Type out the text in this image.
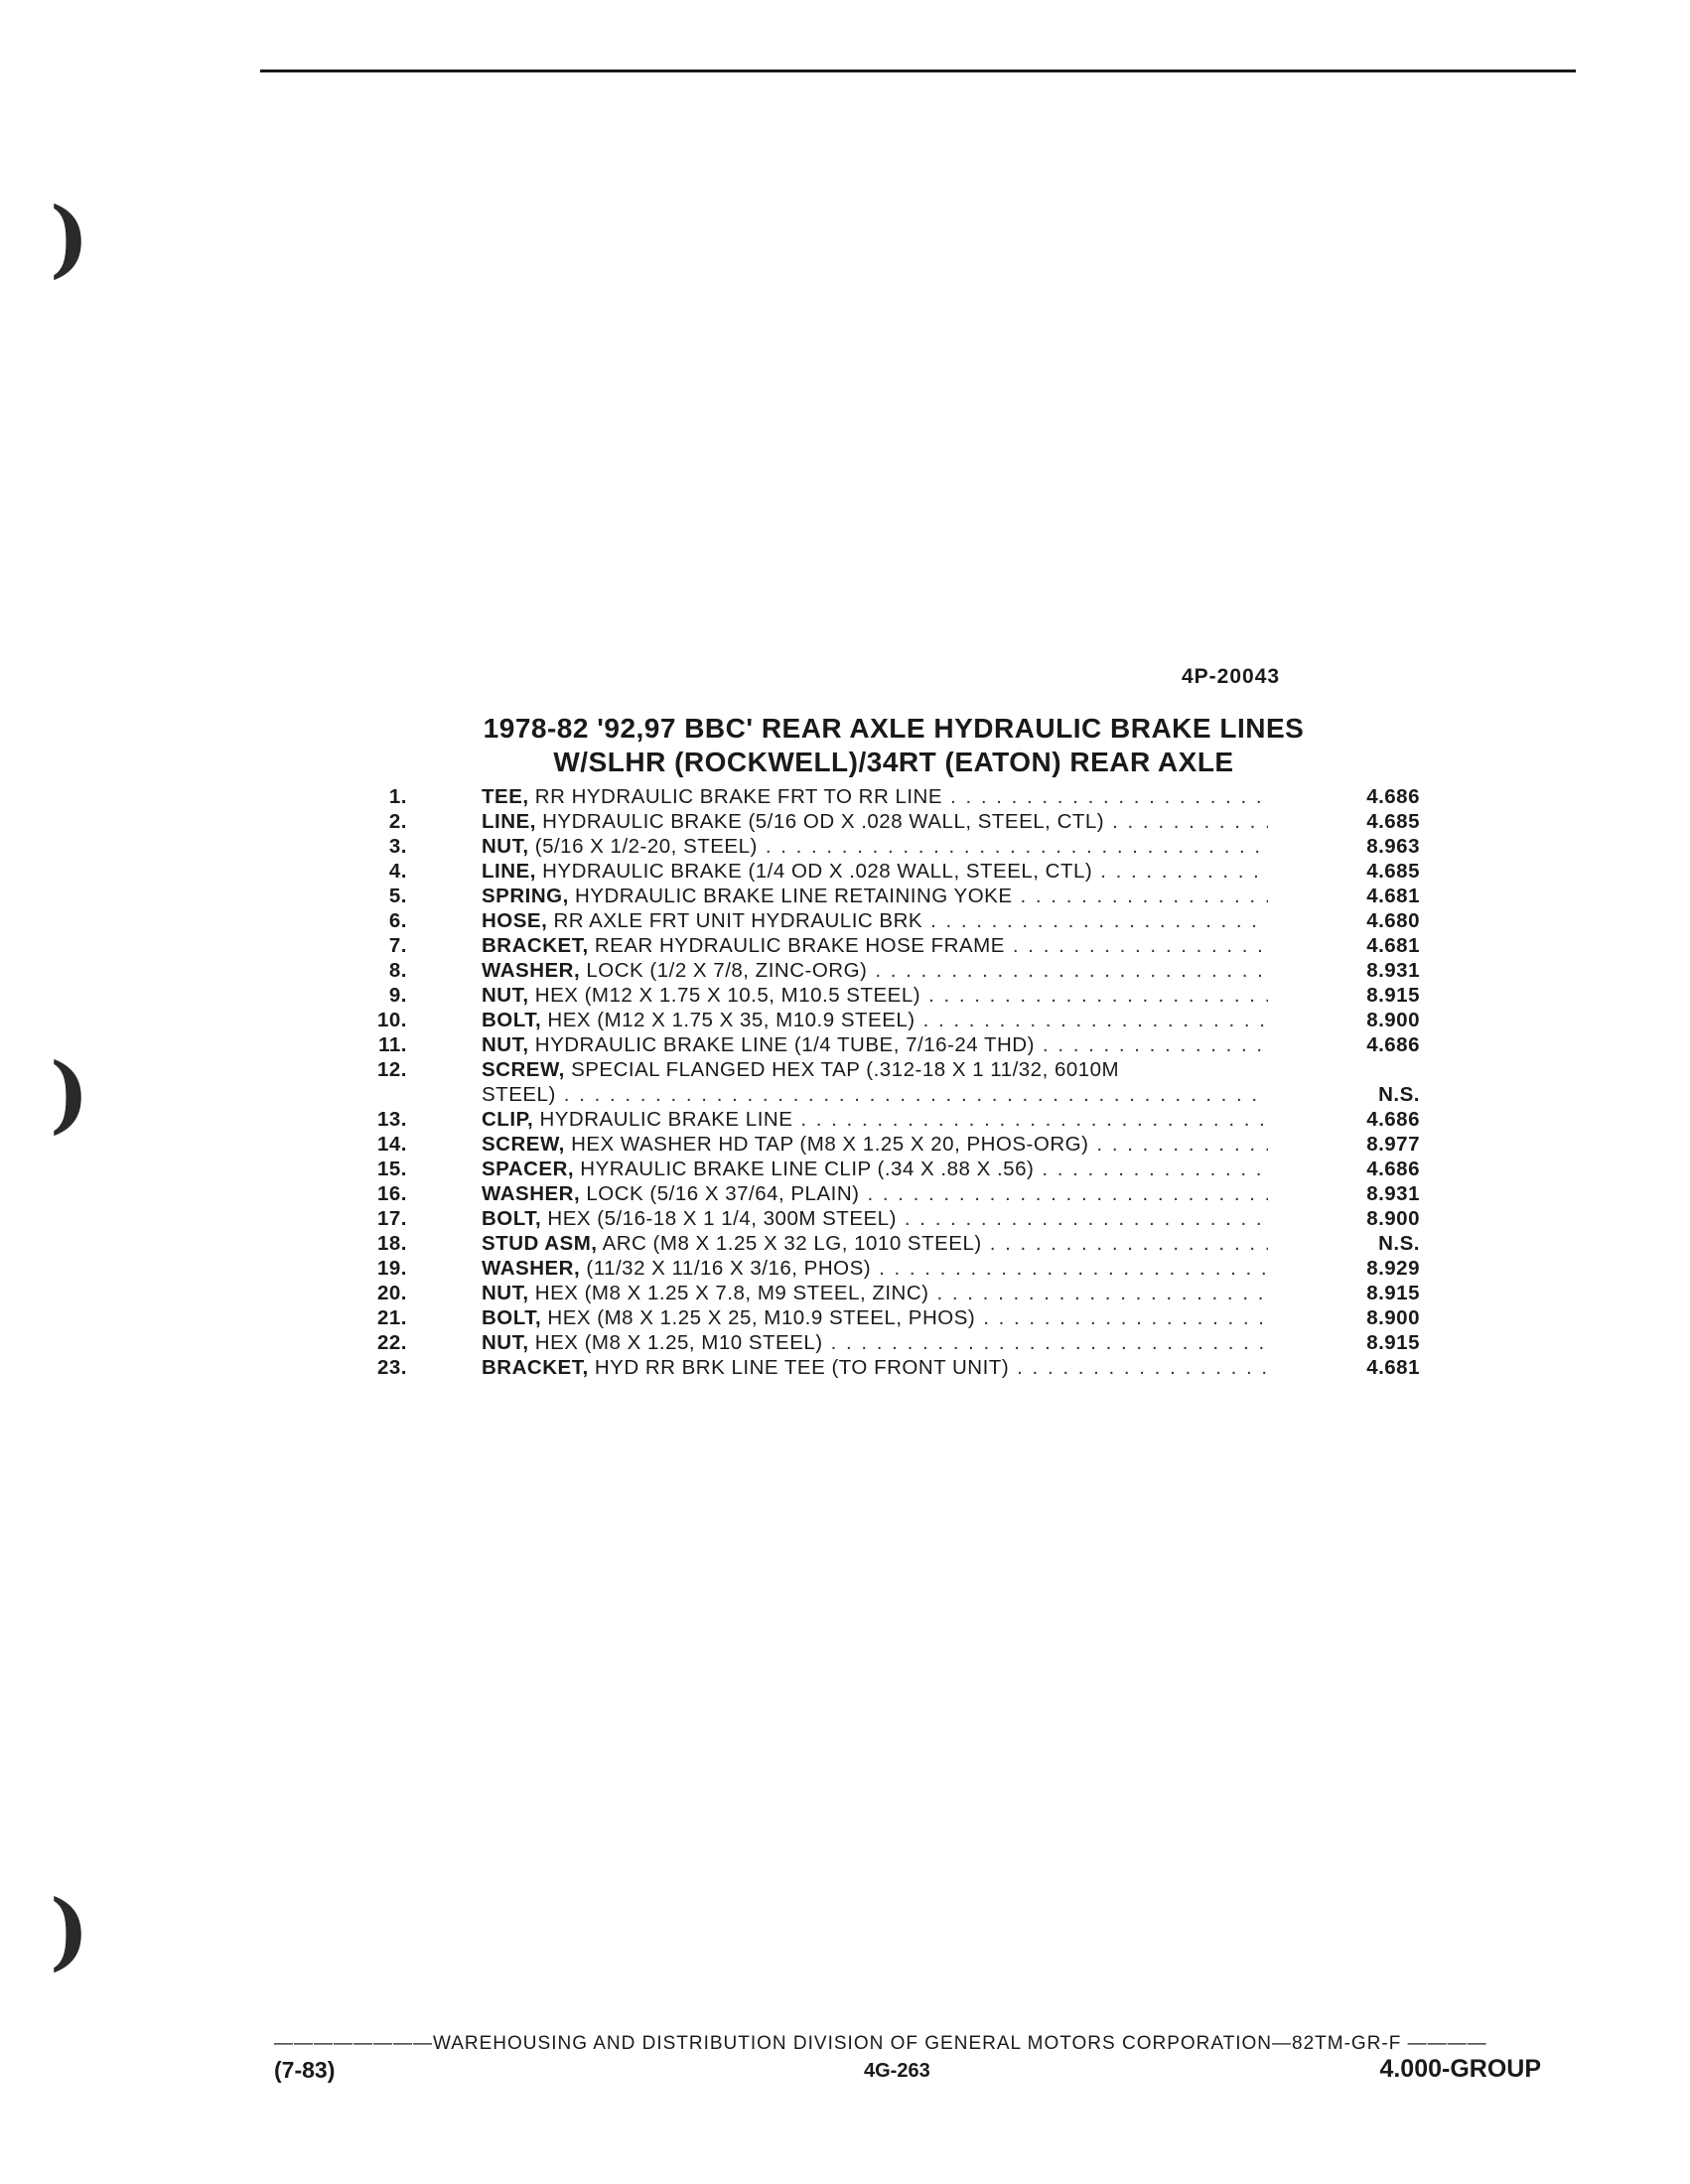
)
)
)
4P-20043
1978-82 '92,97 BBC' REAR AXLE HYDRAULIC BRAKE LINES
W/SLHR (ROCKWELL)/34RT (EATON) REAR AXLE
1.	TEE, RR HYDRAULIC BRAKE FRT TO RR LINE . . .	4.686
2.	LINE, HYDRAULIC BRAKE (5/16 OD X .028 WALL, STEEL, CTL) . . .	4.685
3.	NUT, (5/16 X 1/2-20, STEEL) . . .	8.963
4.	LINE, HYDRAULIC BRAKE (1/4 OD X .028 WALL, STEEL, CTL) . . .	4.685
5.	SPRING, HYDRAULIC BRAKE LINE RETAINING YOKE . . .	4.681
6.	HOSE, RR AXLE FRT UNIT HYDRAULIC BRK . . .	4.680
7.	BRACKET, REAR HYDRAULIC BRAKE HOSE FRAME . . .	4.681
8.	WASHER, LOCK (1/2 X 7/8, ZINC-ORG) . . .	8.931
9.	NUT, HEX (M12 X 1.75 X 10.5, M10.5 STEEL) . . .	8.915
10.	BOLT, HEX (M12 X 1.75 X 35, M10.9 STEEL) . . .	8.900
11.	NUT, HYDRAULIC BRAKE LINE (1/4 TUBE, 7/16-24 THD) . . .	4.686
12.	SCREW, SPECIAL FLANGED HEX TAP (.312-18 X 1 11/32, 6010M
STEEL) . . .	N.S.
13.	CLIP, HYDRAULIC BRAKE LINE . . .	4.686
14.	SCREW, HEX WASHER HD TAP (M8 X 1.25 X 20, PHOS-ORG) . . .	8.977
15.	SPACER, HYRAULIC BRAKE LINE CLIP (.34 X .88 X .56) . . .	4.686
16.	WASHER, LOCK (5/16 X 37/64, PLAIN) . . .	8.931
17.	BOLT, HEX (5/16-18 X 1 1/4, 300M STEEL) . . .	8.900
18.	STUD ASM, ARC (M8 X 1.25 X 32 LG, 1010 STEEL) . . .	N.S.
19.	WASHER, (11/32 X 11/16 X 3/16, PHOS) . . .	8.929
20.	NUT, HEX (M8 X 1.25 X 7.8, M9 STEEL, ZINC) . . .	8.915
21.	BOLT, HEX (M8 X 1.25 X 25, M10.9 STEEL, PHOS) . . .	8.900
22.	NUT, HEX (M8 X 1.25, M10 STEEL) . . .	8.915
23.	BRACKET, HYD RR BRK LINE TEE (TO FRONT UNIT) . . .	4.681
————————WAREHOUSING AND DISTRIBUTION DIVISION OF GENERAL MOTORS CORPORATION—82TM-GR-F ————
(7-83)	4G-263	4.000-GROUP
